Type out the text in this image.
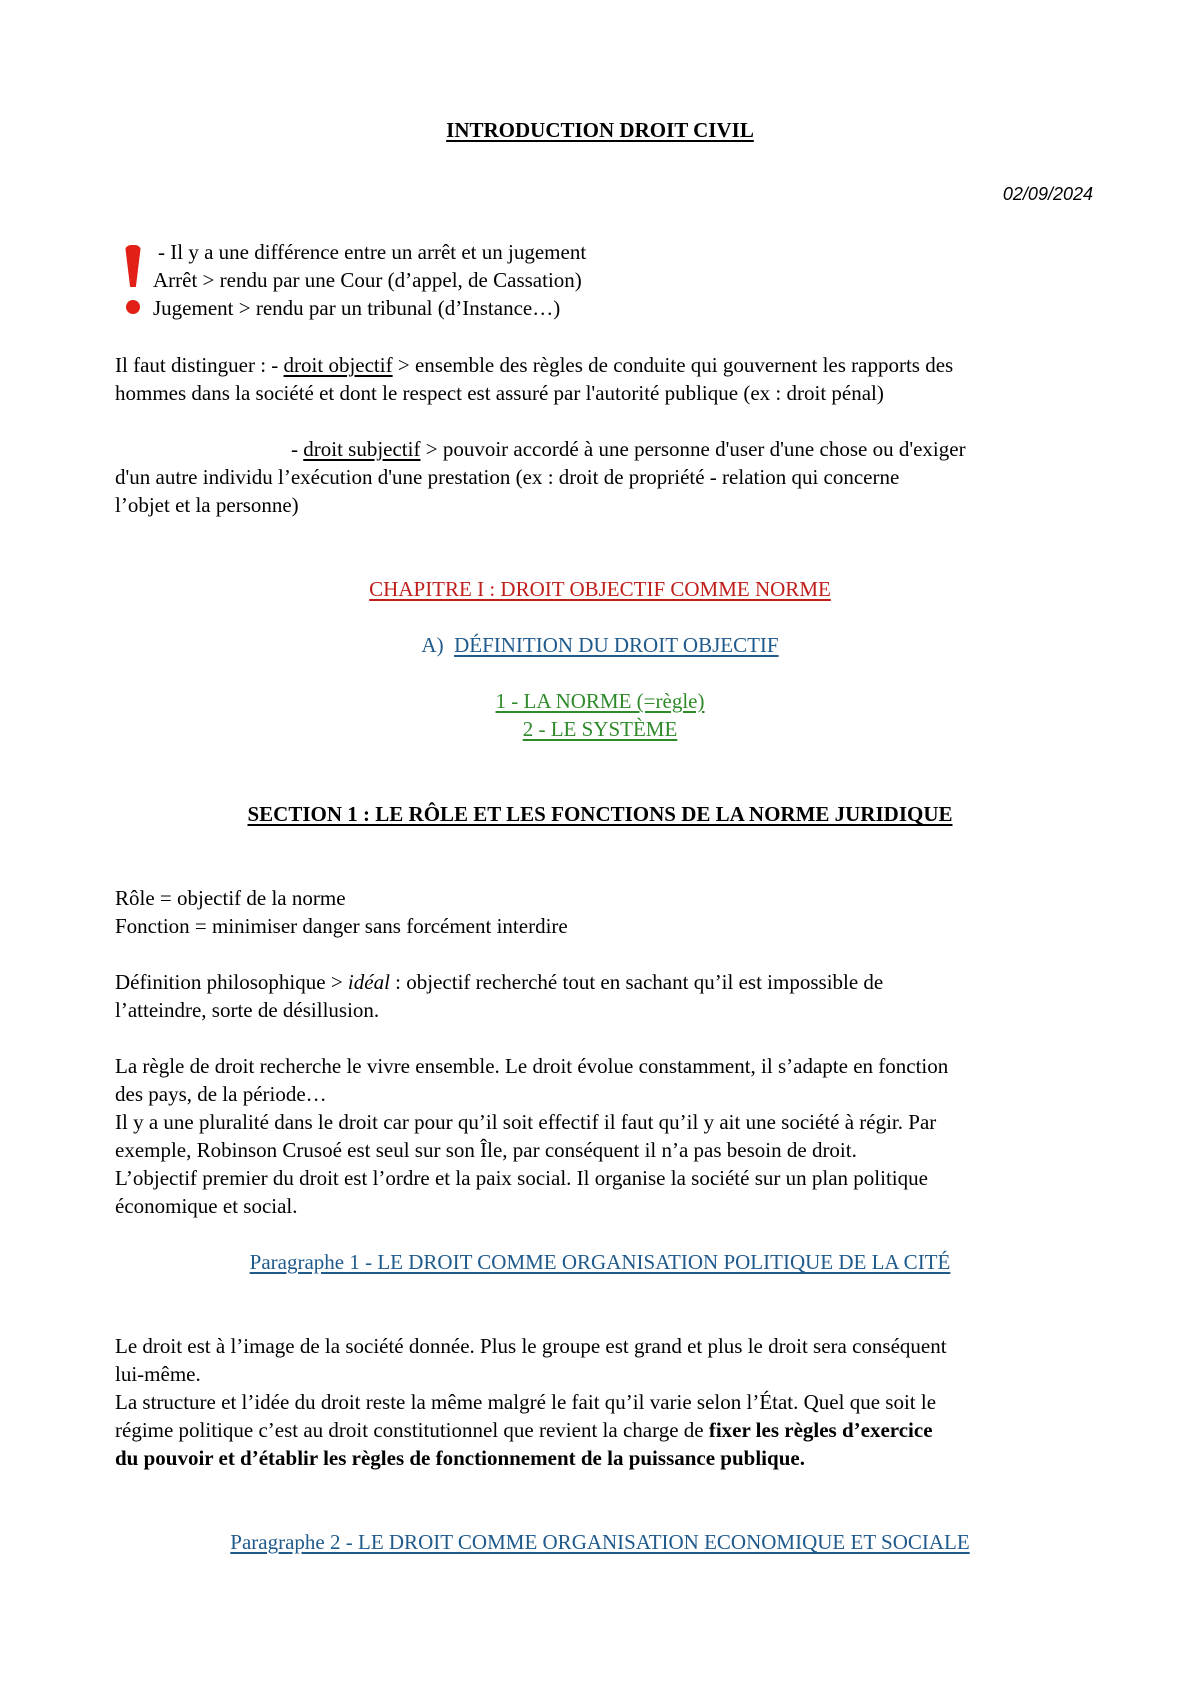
INTRODUCTION DROIT CIVIL
02/09/2024
- Il y a une différence entre un arrêt et un jugement
Arrêt > rendu par une Cour (d’appel, de Cassation)
Jugement > rendu par un tribunal (d’Instance…)
Il faut distinguer : - droit objectif > ensemble des règles de conduite qui gouvernent les rapports des
hommes dans la société et dont le respect est assuré par l'autorité publique (ex : droit pénal)
- droit subjectif > pouvoir accordé à une personne d'user d'une chose ou d'exiger
d'un autre individu l’exécution d'une prestation (ex : droit de propriété - relation qui concerne
l’objet et la personne)
CHAPITRE I : DROIT OBJECTIF COMME NORME
A) DÉFINITION DU DROIT OBJECTIF
1 - LA NORME (=règle)
2 - LE SYSTÈME
SECTION 1 : LE RÔLE ET LES FONCTIONS DE LA NORME JURIDIQUE
Rôle = objectif de la norme
Fonction = minimiser danger sans forcément interdire
Définition philosophique > idéal : objectif recherché tout en sachant qu’il est impossible de
l’atteindre, sorte de désillusion.
La règle de droit recherche le vivre ensemble. Le droit évolue constamment, il s’adapte en fonction
des pays, de la période…
Il y a une pluralité dans le droit car pour qu’il soit effectif il faut qu’il y ait une société à régir. Par
exemple, Robinson Crusoé est seul sur son Île, par conséquent il n’a pas besoin de droit.
L’objectif premier du droit est l’ordre et la paix social. Il organise la société sur un plan politique
économique et social.
Paragraphe 1 - LE DROIT COMME ORGANISATION POLITIQUE DE LA CITÉ
Le droit est à l’image de la société donnée. Plus le groupe est grand et plus le droit sera conséquent
lui-même.
La structure et l’idée du droit reste la même malgré le fait qu’il varie selon l’État. Quel que soit le
régime politique c’est au droit constitutionnel que revient la charge de fixer les règles d’exercice
du pouvoir et d’établir les règles de fonctionnement de la puissance publique.
Paragraphe 2 - LE DROIT COMME ORGANISATION ECONOMIQUE ET SOCIALE
